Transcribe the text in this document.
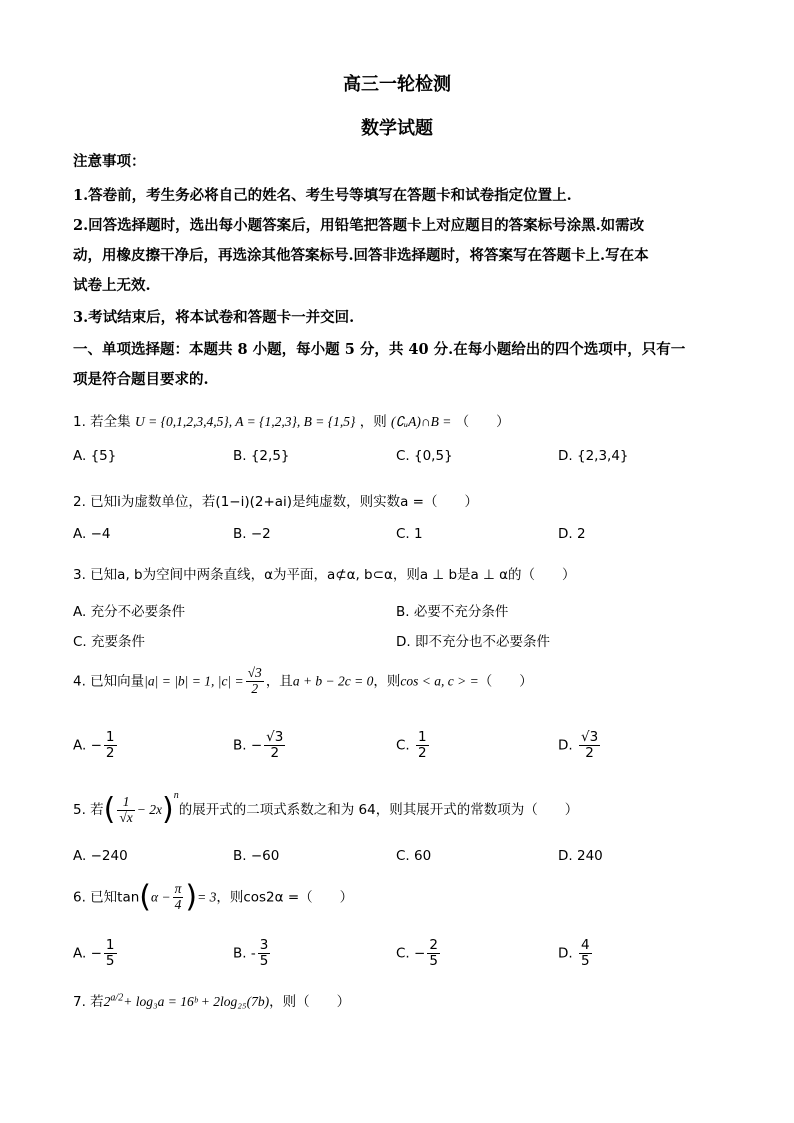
高三一轮检测
数学试题
注意事项：
1.答卷前，考生务必将自己的姓名、考生号等填写在答题卡和试卷指定位置上.
2.回答选择题时，选出每小题答案后，用铅笔把答题卡上对应题目的答案标号涂黑.如需改
动，用橡皮擦干净后，再选涂其他答案标号.回答非选择题时，将答案写在答题卡上.写在本
试卷上无效.
3.考试结束后，将本试卷和答题卡一并交回.
一、单项选择题：本题共 8 小题，每小题 5 分，共 40 分.在每小题给出的四个选项中，只有一
项是符合题目要求的.
1. 若全集 U = {0,1,2,3,4,5}, A = {1,2,3}, B = {1,5} ，则 (∁ᵤA)∩B = （　　）
A. {5}	B. {2,5}	C. {0,5}	D. {2,3,4}
2. 已知i为虚数单位，若(1−i)(2+ai)是纯虚数，则实数a =（　　）
A. −4	B. −2	C. 1	D. 2
3. 已知a, b为空间中两条直线，α为平面，a⊄α, b⊂α，则a ⊥ b是a ⊥ α的（　　）
A. 充分不必要条件	B. 必要不充分条件
C. 充要条件	D. 即不充分也不必要条件
4. 已知向量|a| = |b| = 1, $|c| = \frac{√3}{2}$ ，且a + b − 2c = 0，则cos < a, c > =（　　）
A. − $\frac{1}{2}$	B. − $\frac{√3}{2}$	C. $\frac{1}{2}$	D. $\frac{√3}{2}$
5. 若( $\frac{1}{√x} - 2x)^n$的展开式的二项式系数之和为 64，则其展开式的常数项为（　　）
A. −240	B. −60	C. 60	D. 240
6. 已知$\tan(\alpha - \frac{\pi}{4}$ )= 3，则cos2α =（　　）
A. − $\frac{1}{5}$	B. - $\frac{3}{5}$	C. − $\frac{2}{5}$	D. $\frac{4}{5}$
7. 若$2^{a/2}+ \log_3a$ = 16ᵇ + 2log₂₅(7b)，则（　　）
